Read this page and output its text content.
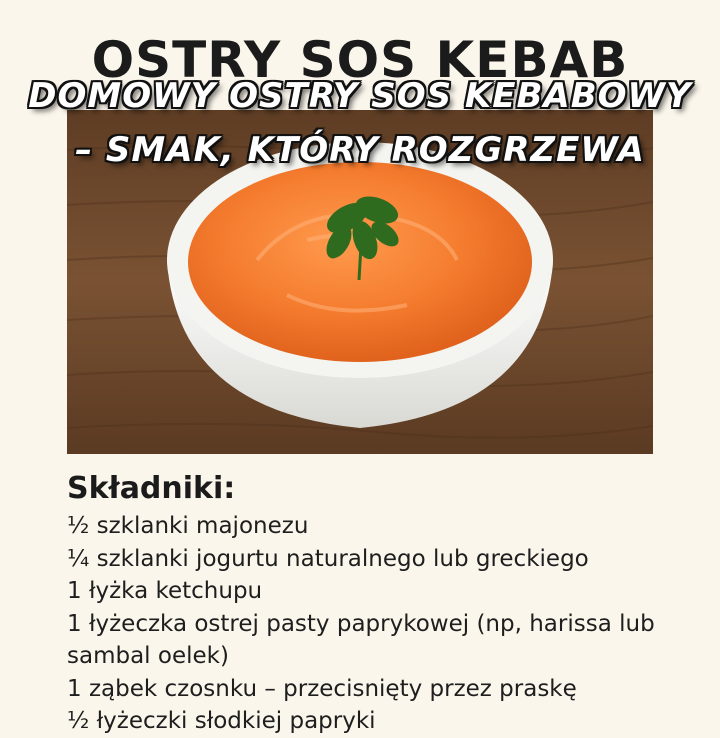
OSTRY SOS KEBAB

DOMOWY OSTRY SOS KEBABOWY

– SMAK, KTÓRY ROZGRZEWA

Składniki:
½ szklanki majonezu
¼ szklanki jogurtu naturalnego lub greckiego
1 łyżka ketchupu
1 łyżeczka ostrej pasty paprykowej (np, harissa lub sambal oelek)
1 ząbek czosnku – przecisnięty przez praskę
½ łyżeczki słodkiej papryki
